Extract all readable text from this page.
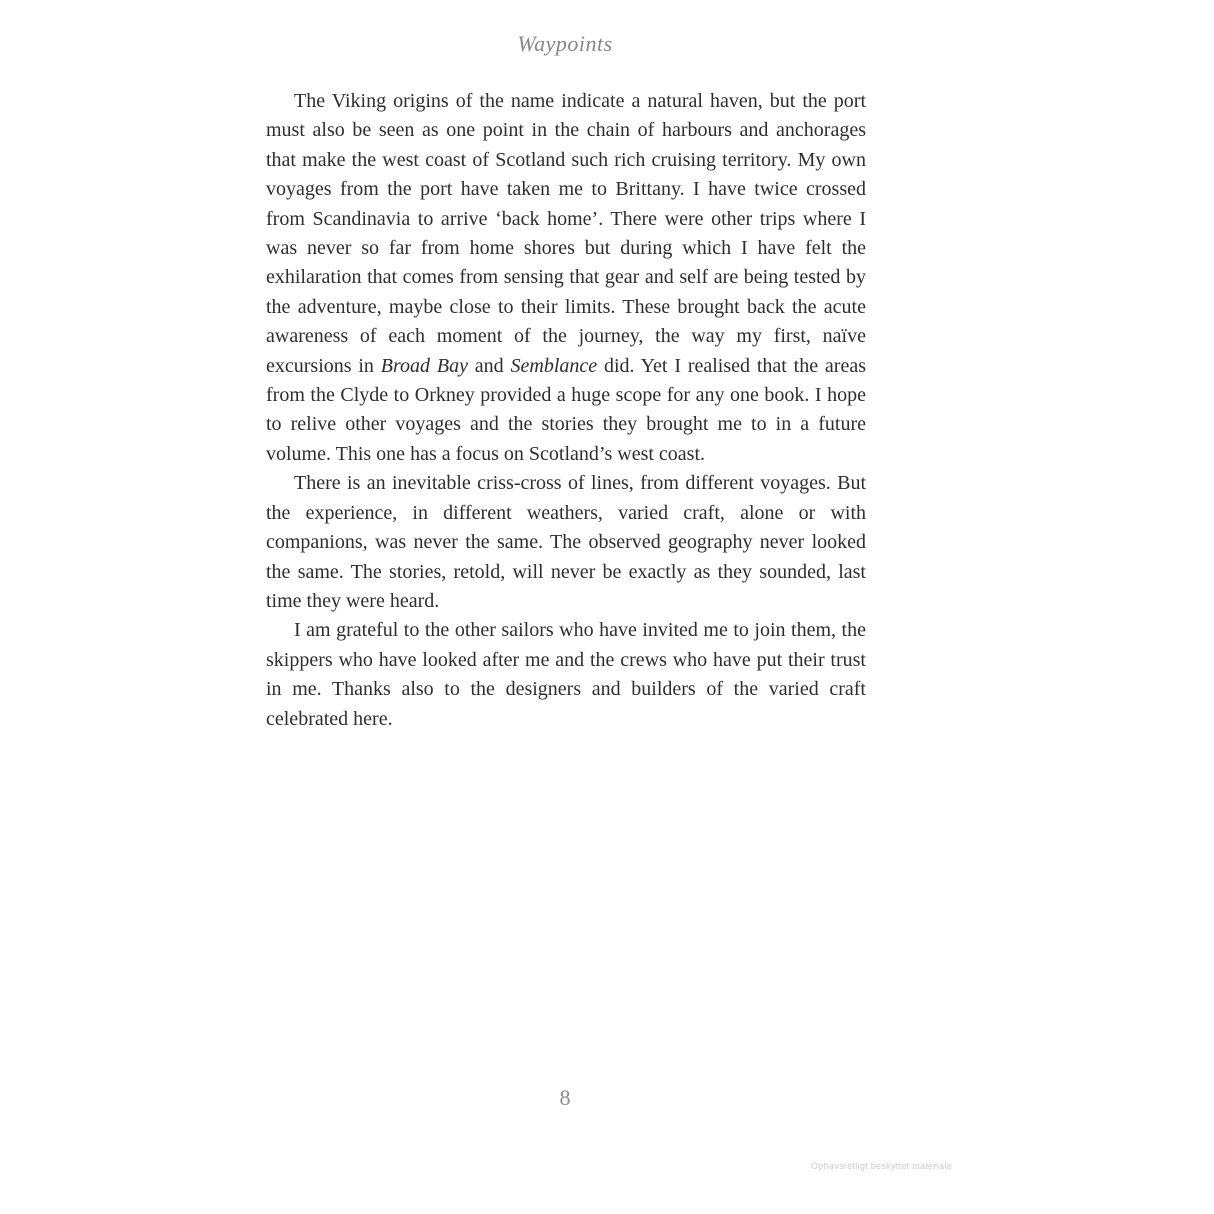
Waypoints

The Viking origins of the name indicate a natural haven, but the port must also be seen as one point in the chain of harbours and anchorages that make the west coast of Scotland such rich cruising territory. My own voyages from the port have taken me to Brittany. I have twice crossed from Scandinavia to arrive ‘back home’. There were other trips where I was never so far from home shores but during which I have felt the exhilaration that comes from sensing that gear and self are being tested by the adventure, maybe close to their limits. These brought back the acute awareness of each moment of the journey, the way my first, naïve excursions in Broad Bay and Semblance did. Yet I realised that the areas from the Clyde to Orkney provided a huge scope for any one book. I hope to relive other voyages and the stories they brought me to in a future volume. This one has a focus on Scotland’s west coast.

There is an inevitable criss-cross of lines, from different voyages. But the experience, in different weathers, varied craft, alone or with companions, was never the same. The observed geography never looked the same. The stories, retold, will never be exactly as they sounded, last time they were heard.

I am grateful to the other sailors who have invited me to join them, the skippers who have looked after me and the crews who have put their trust in me. Thanks also to the designers and builders of the varied craft celebrated here.

8
Ophavsretligt beskyttet materiale
